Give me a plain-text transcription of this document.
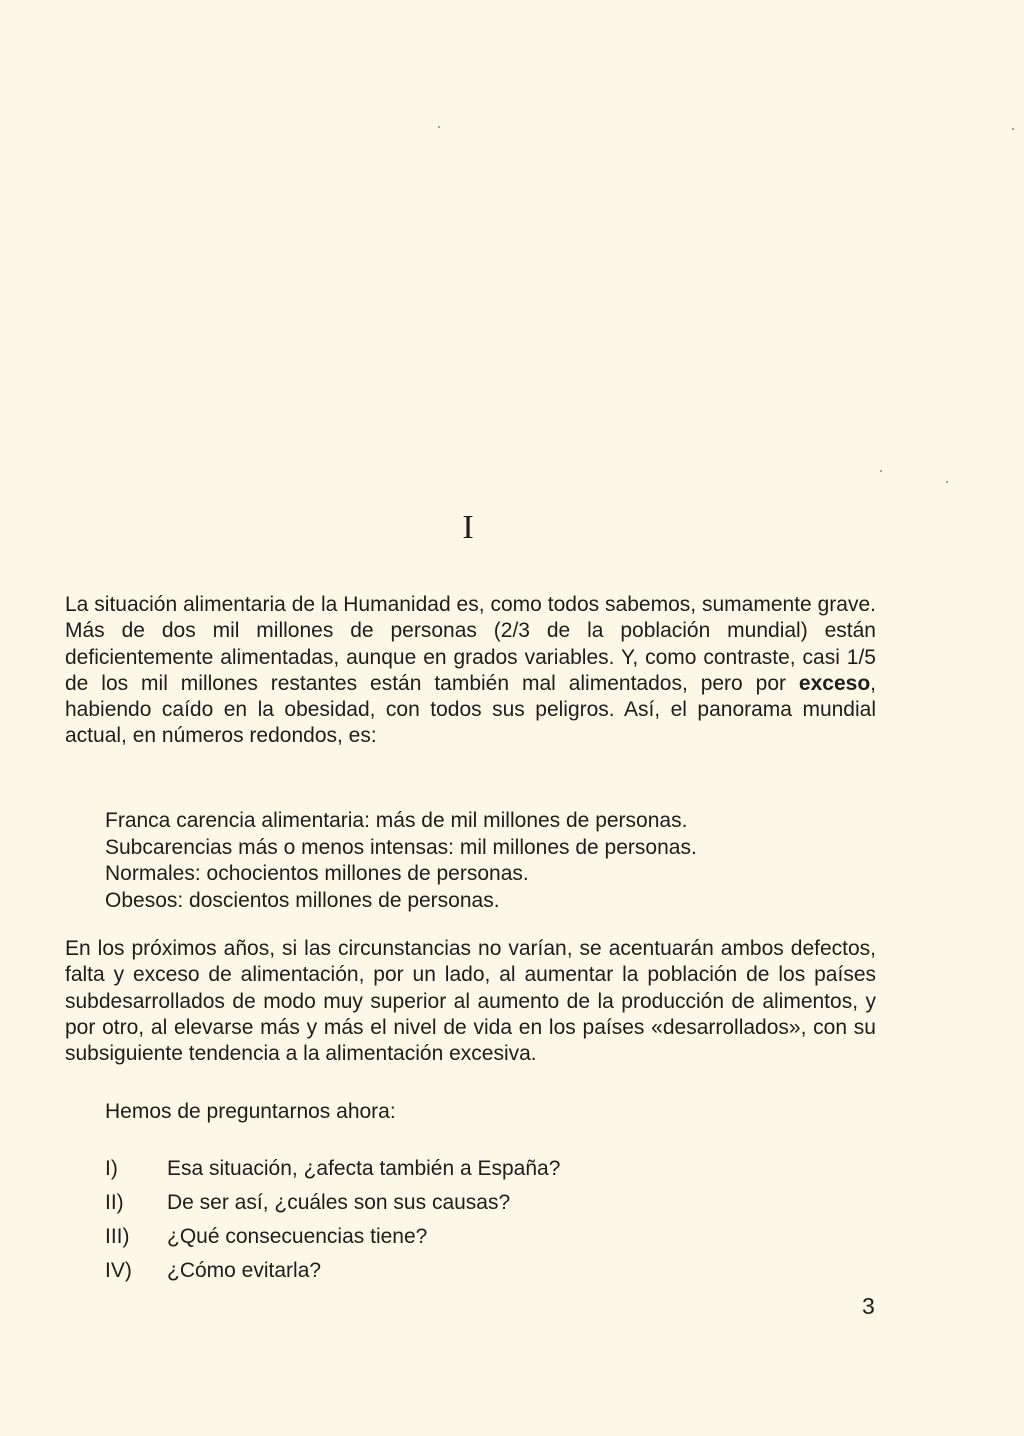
I

La situación alimentaria de la Humanidad es, como todos sabemos, sumamente grave. Más de dos mil millones de personas (2/3 de la población mundial) están deficientemente alimentadas, aunque en grados variables. Y, como contraste, casi 1/5 de los mil millones restantes están también mal alimentados, pero por exceso, habiendo caído en la obesidad, con todos sus peligros. Así, el panorama mundial actual, en números redondos, es:

Franca carencia alimentaria: más de mil millones de personas.
Subcarencias más o menos intensas: mil millones de personas.
Normales: ochocientos millones de personas.
Obesos: doscientos millones de personas.

En los próximos años, si las circunstancias no varían, se acentuarán ambos defectos, falta y exceso de alimentación, por un lado, al aumentar la población de los países subdesarrollados de modo muy superior al aumento de la producción de alimentos, y por otro, al elevarse más y más el nivel de vida en los países «desarrollados», con su subsiguiente tendencia a la alimentación excesiva.

Hemos de preguntarnos ahora:
I)	Esa situación, ¿afecta también a España?
II)	De ser así, ¿cuáles son sus causas?
III)	¿Qué consecuencias tiene?
IV)	¿Cómo evitarla?
3
